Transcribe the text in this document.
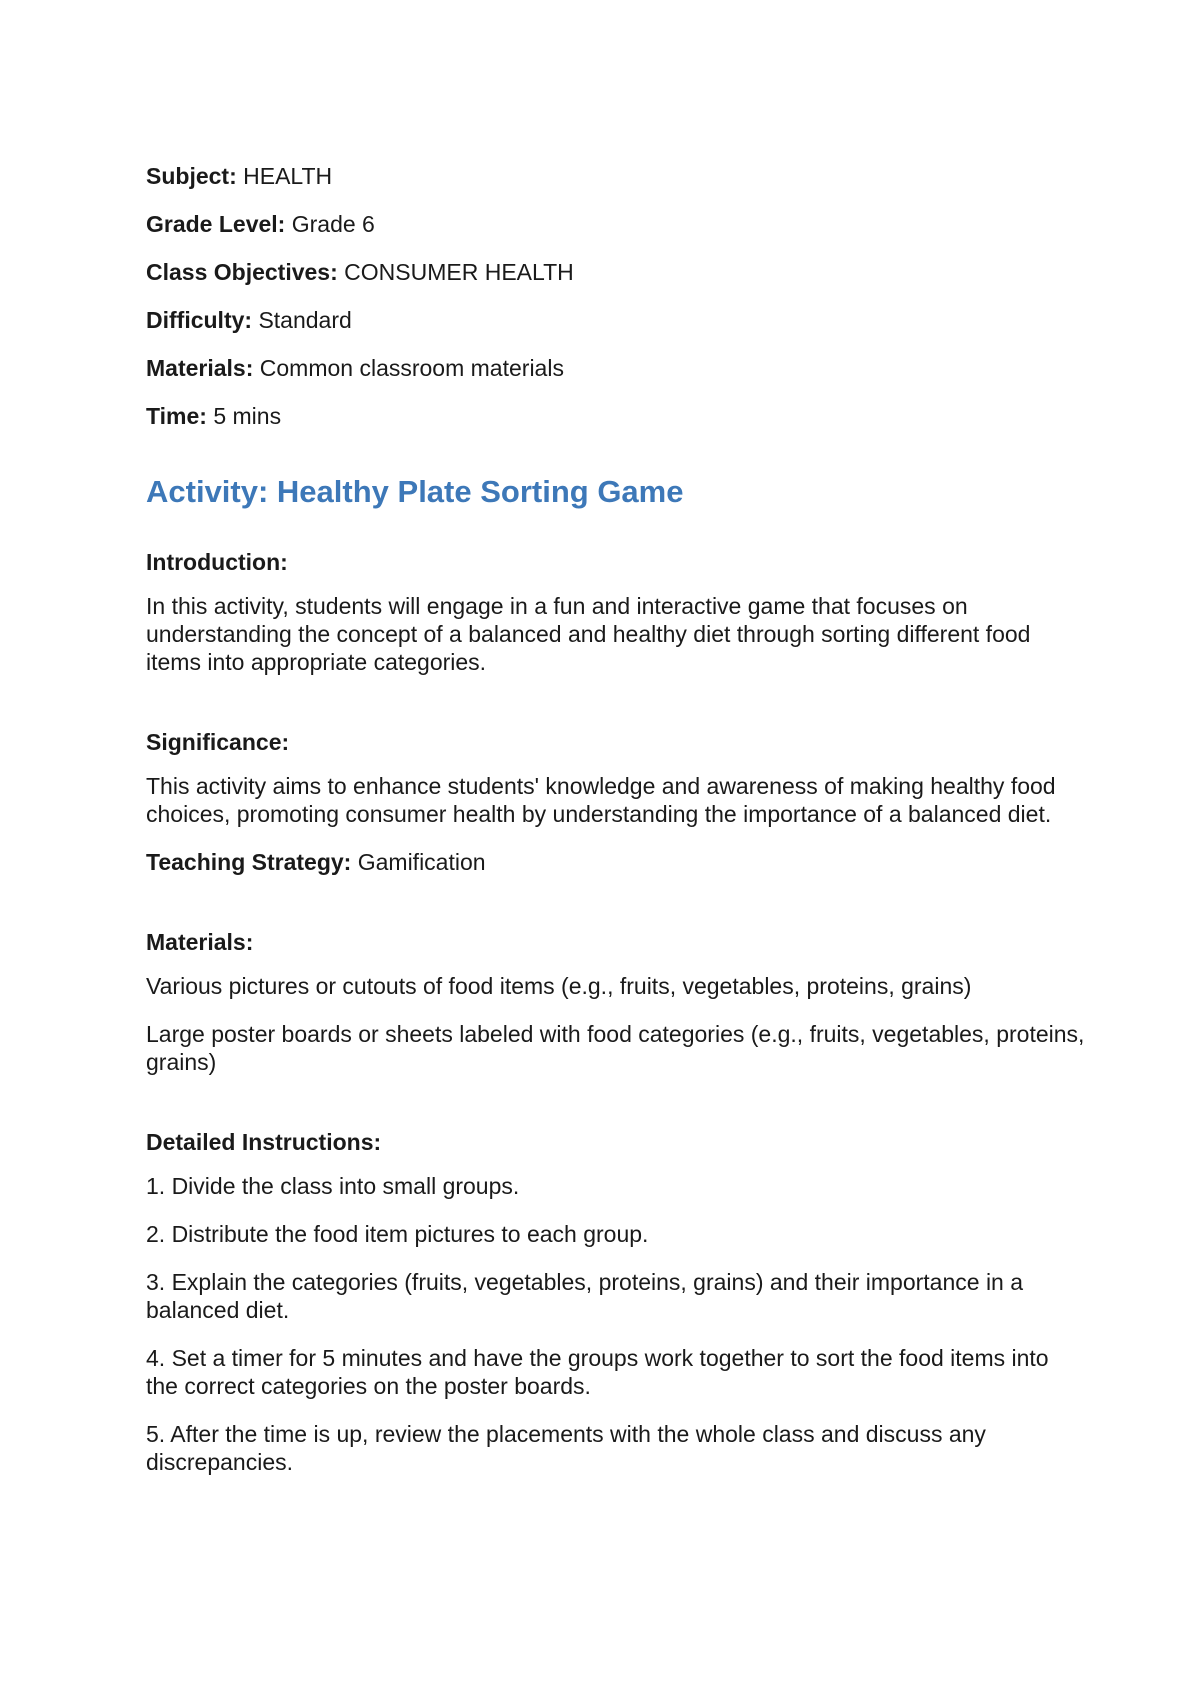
Subject: HEALTH
Grade Level: Grade 6
Class Objectives: CONSUMER HEALTH
Difficulty: Standard
Materials: Common classroom materials
Time: 5 mins
Activity: Healthy Plate Sorting Game
Introduction:

In this activity, students will engage in a fun and interactive game that focuses on understanding the concept of a balanced and healthy diet through sorting different food items into appropriate categories.

Significance:

This activity aims to enhance students' knowledge and awareness of making healthy food choices, promoting consumer health by understanding the importance of a balanced diet.

Teaching Strategy: Gamification
Materials:
Various pictures or cutouts of food items (e.g., fruits, vegetables, proteins, grains)
Large poster boards or sheets labeled with food categories (e.g., fruits, vegetables, proteins, grains)
Detailed Instructions:
1. Divide the class into small groups.
2. Distribute the food item pictures to each group.
3. Explain the categories (fruits, vegetables, proteins, grains) and their importance in a balanced diet.
4. Set a timer for 5 minutes and have the groups work together to sort the food items into the correct categories on the poster boards.
5. After the time is up, review the placements with the whole class and discuss any discrepancies.
